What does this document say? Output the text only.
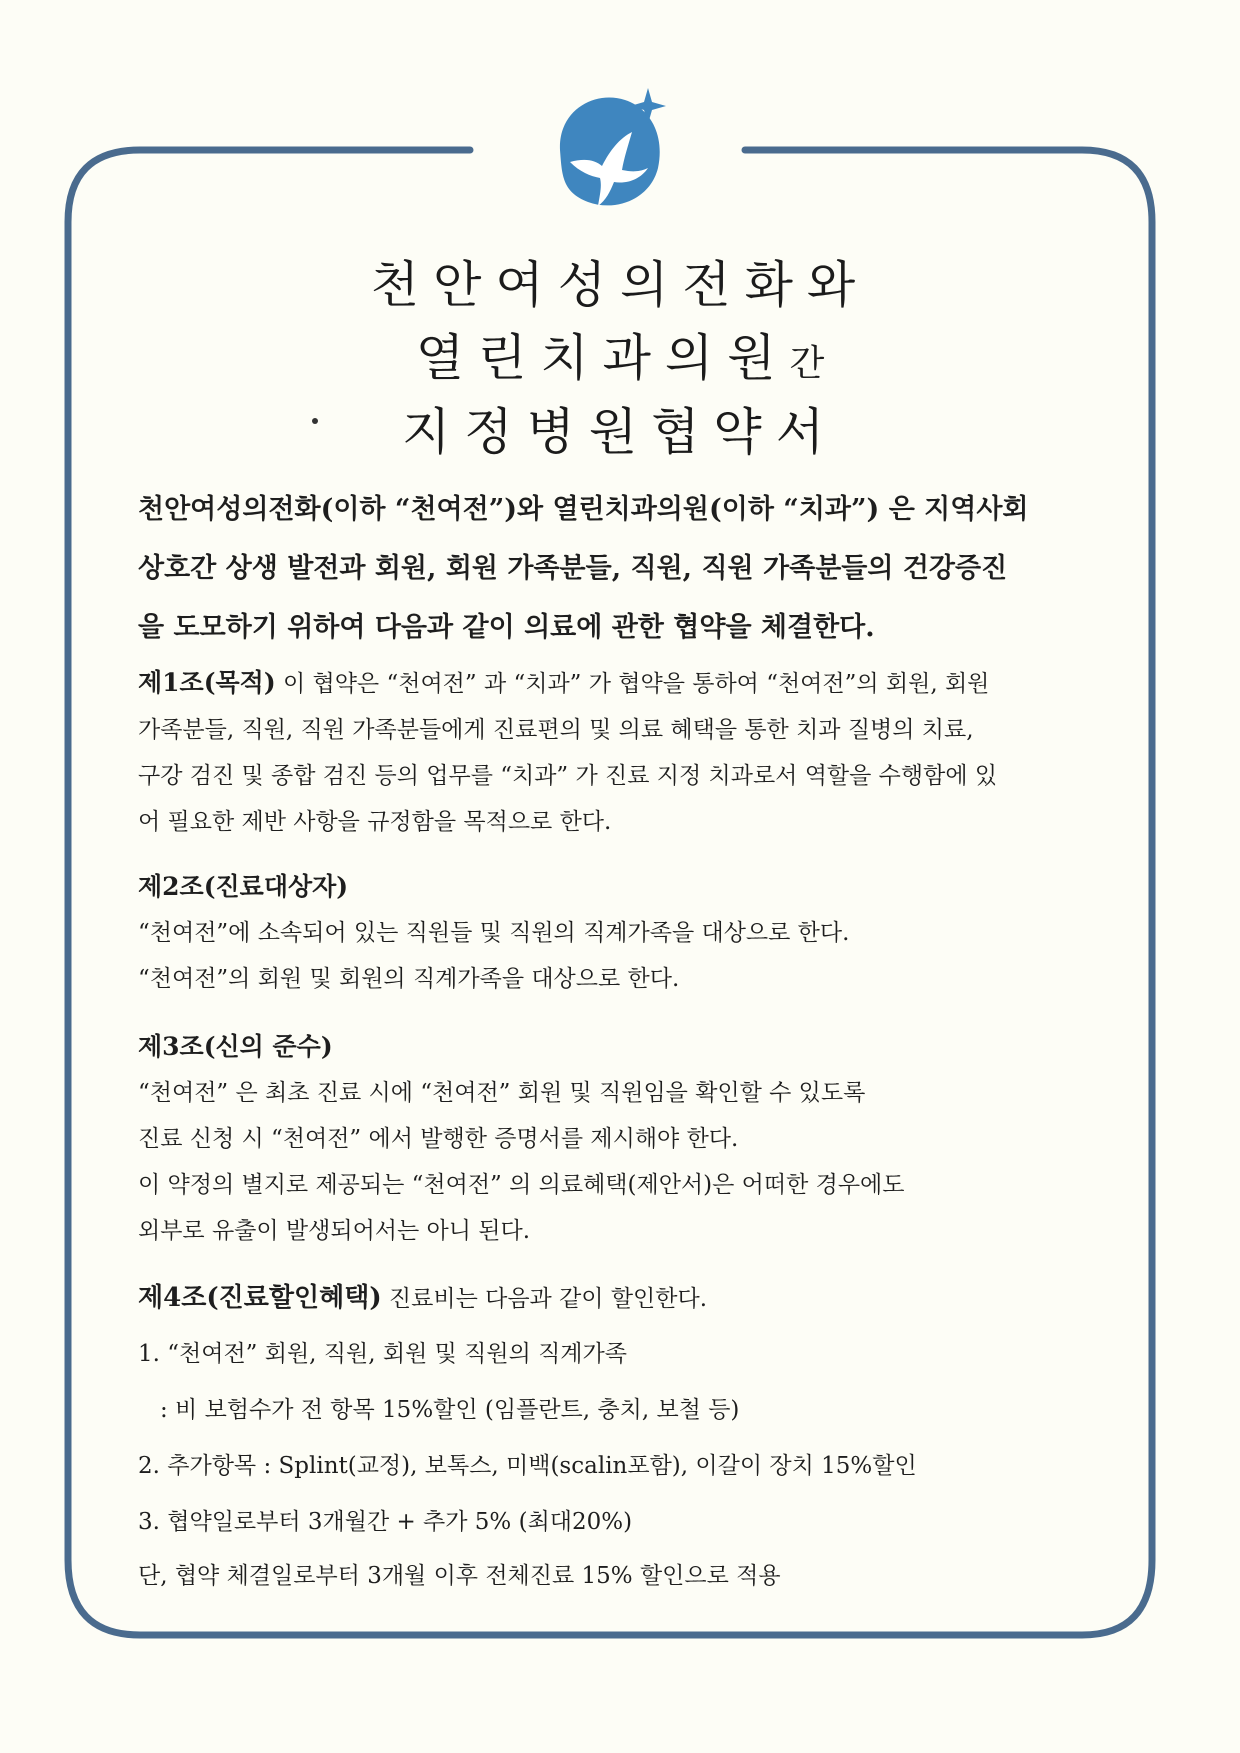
천안여성의전화와
열린치과의원간
지정병원협약서
천안여성의전화(이하 “천여전”)와 열린치과의원(이하 “치과”) 은 지역사회
상호간 상생 발전과 회원, 회원 가족분들, 직원, 직원 가족분들의 건강증진
을 도모하기 위하여 다음과 같이 의료에 관한 협약을 체결한다.
제1조(목적) 이 협약은 “천여전” 과 “치과” 가 협약을 통하여 “천여전”의 회원, 회원
가족분들, 직원, 직원 가족분들에게 진료편의 및 의료 혜택을 통한 치과 질병의 치료,
구강 검진 및 종합 검진 등의 업무를 “치과” 가 진료 지정 치과로서 역할을 수행함에 있
어 필요한 제반 사항을 규정함을 목적으로 한다.
제2조(진료대상자)
“천여전”에 소속되어 있는 직원들 및 직원의 직계가족을 대상으로 한다.
“천여전”의 회원 및 회원의 직계가족을 대상으로 한다.
제3조(신의 준수)
“천여전” 은 최초 진료 시에 “천여전” 회원 및 직원임을 확인할 수 있도록
진료 신청 시 “천여전” 에서 발행한 증명서를 제시해야 한다.
이 약정의 별지로 제공되는 “천여전” 의 의료혜택(제안서)은 어떠한 경우에도
외부로 유출이 발생되어서는 아니 된다.
제4조(진료할인혜택) 진료비는 다음과 같이 할인한다.
1. “천여전” 회원, 직원, 회원 및 직원의 직계가족
: 비 보험수가 전 항목 15%할인 (임플란트, 충치, 보철 등)
2. 추가항목 : Splint(교정), 보톡스, 미백(scalin포함), 이갈이 장치 15%할인
3. 협약일로부터 3개월간 + 추가 5% (최대20%)
단, 협약 체결일로부터 3개월 이후 전체진료 15% 할인으로 적용
